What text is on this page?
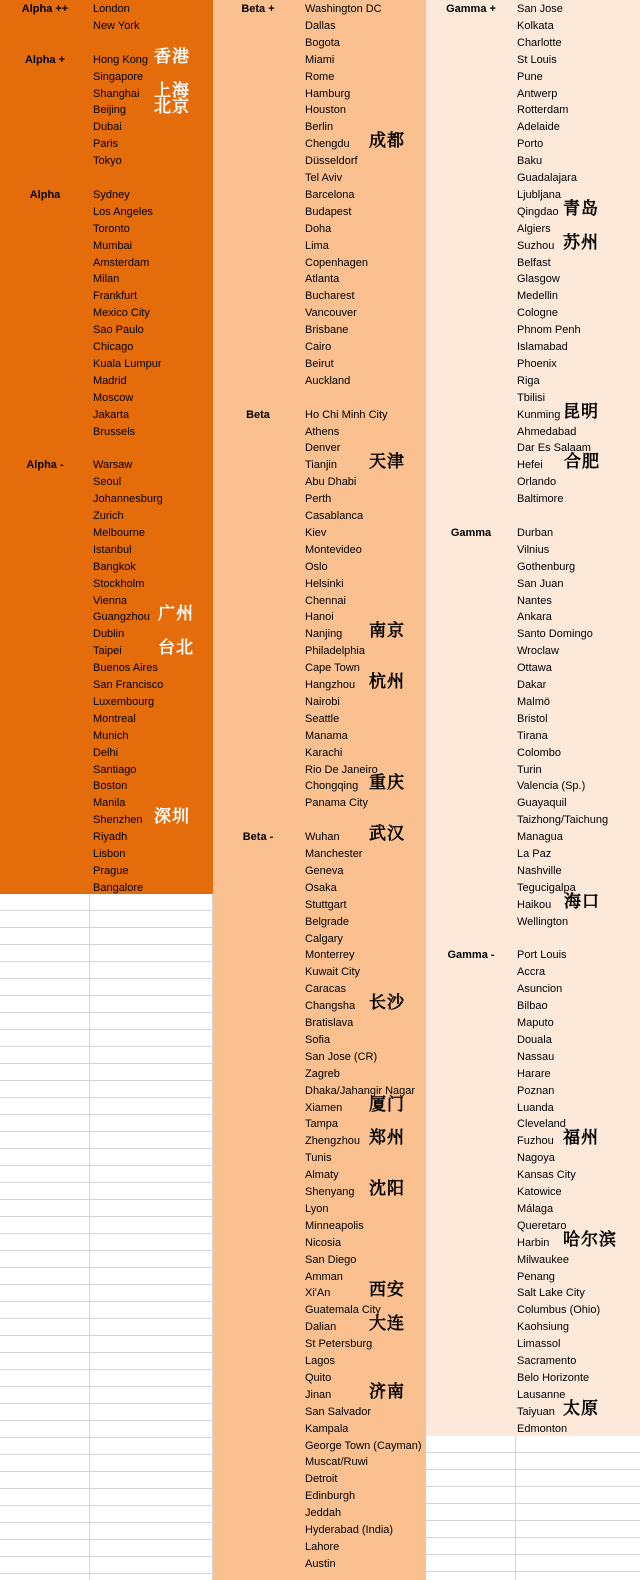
Alpha ++
Alpha +
Alpha
Alpha -
London
New York
Hong Kong
Singapore
Shanghai
Beijing
Dubai
Paris
Tokyo
Sydney
Los Angeles
Toronto
Mumbai
Amsterdam
Milan
Frankfurt
Mexico City
Sao Paulo
Chicago
Kuala Lumpur
Madrid
Moscow
Jakarta
Brussels
Warsaw
Seoul
Johannesburg
Zurich
Melbourne
Istanbul
Bangkok
Stockholm
Vienna
Guangzhou
Dublin
Taipei
Buenos Aires
San Francisco
Luxembourg
Montreal
Munich
Delhi
Santiago
Boston
Manila
Shenzhen
Riyadh
Lisbon
Prague
Bangalore
香港
上海
北京
广州
台北
深圳
Beta +
Beta
Beta -
Washington DC
Dallas
Bogota
Miami
Rome
Hamburg
Houston
Berlin
Chengdu
Düsseldorf
Tel Aviv
Barcelona
Budapest
Doha
Lima
Copenhagen
Atlanta
Bucharest
Vancouver
Brisbane
Cairo
Beirut
Auckland
Ho Chi Minh City
Athens
Denver
Tianjin
Abu Dhabi
Perth
Casablanca
Kiev
Montevideo
Oslo
Helsinki
Chennai
Hanoi
Nanjing
Philadelphia
Cape Town
Hangzhou
Nairobi
Seattle
Manama
Karachi
Rio De Janeiro
Chongqing
Panama City
Wuhan
Manchester
Geneva
Osaka
Stuttgart
Belgrade
Calgary
Monterrey
Kuwait City
Caracas
Changsha
Bratislava
Sofia
San Jose (CR)
Zagreb
Dhaka/Jahangir Nagar
Xiamen
Tampa
Zhengzhou
Tunis
Almaty
Shenyang
Lyon
Minneapolis
Nicosia
San Diego
Amman
Xi'An
Guatemala City
Dalian
St Petersburg
Lagos
Quito
Jinan
San Salvador
Kampala
George Town (Cayman)
Muscat/Ruwi
Detroit
Edinburgh
Jeddah
Hyderabad (India)
Lahore
Austin
成都
天津
南京
杭州
重庆
武汉
长沙
厦门
郑州
沈阳
西安
大连
济南
Gamma +
Gamma
Gamma -
San Jose
Kolkata
Charlotte
St Louis
Pune
Antwerp
Rotterdam
Adelaide
Porto
Baku
Guadalajara
Ljubljana
Qingdao
Algiers
Suzhou
Belfast
Glasgow
Medellin
Cologne
Phnom Penh
Islamabad
Phoenix
Riga
Tbilisi
Kunming
Ahmedabad
Dar Es Salaam
Hefei
Orlando
Baltimore
Durban
Vilnius
Gothenburg
San Juan
Nantes
Ankara
Santo Domingo
Wroclaw
Ottawa
Dakar
Malmö
Bristol
Tirana
Colombo
Turin
Valencia (Sp.)
Guayaquil
Taizhong/Taichung
Managua
La Paz
Nashville
Tegucigalpa
Haikou
Wellington
Port Louis
Accra
Asuncion
Bilbao
Maputo
Douala
Nassau
Harare
Poznan
Luanda
Cleveland
Fuzhou
Nagoya
Kansas City
Katowice
Málaga
Queretaro
Harbin
Milwaukee
Penang
Salt Lake City
Columbus (Ohio)
Kaohsiung
Limassol
Sacramento
Belo Horizonte
Lausanne
Taiyuan
Edmonton
青岛
苏州
昆明
合肥
海口
福州
哈尔滨
太原
